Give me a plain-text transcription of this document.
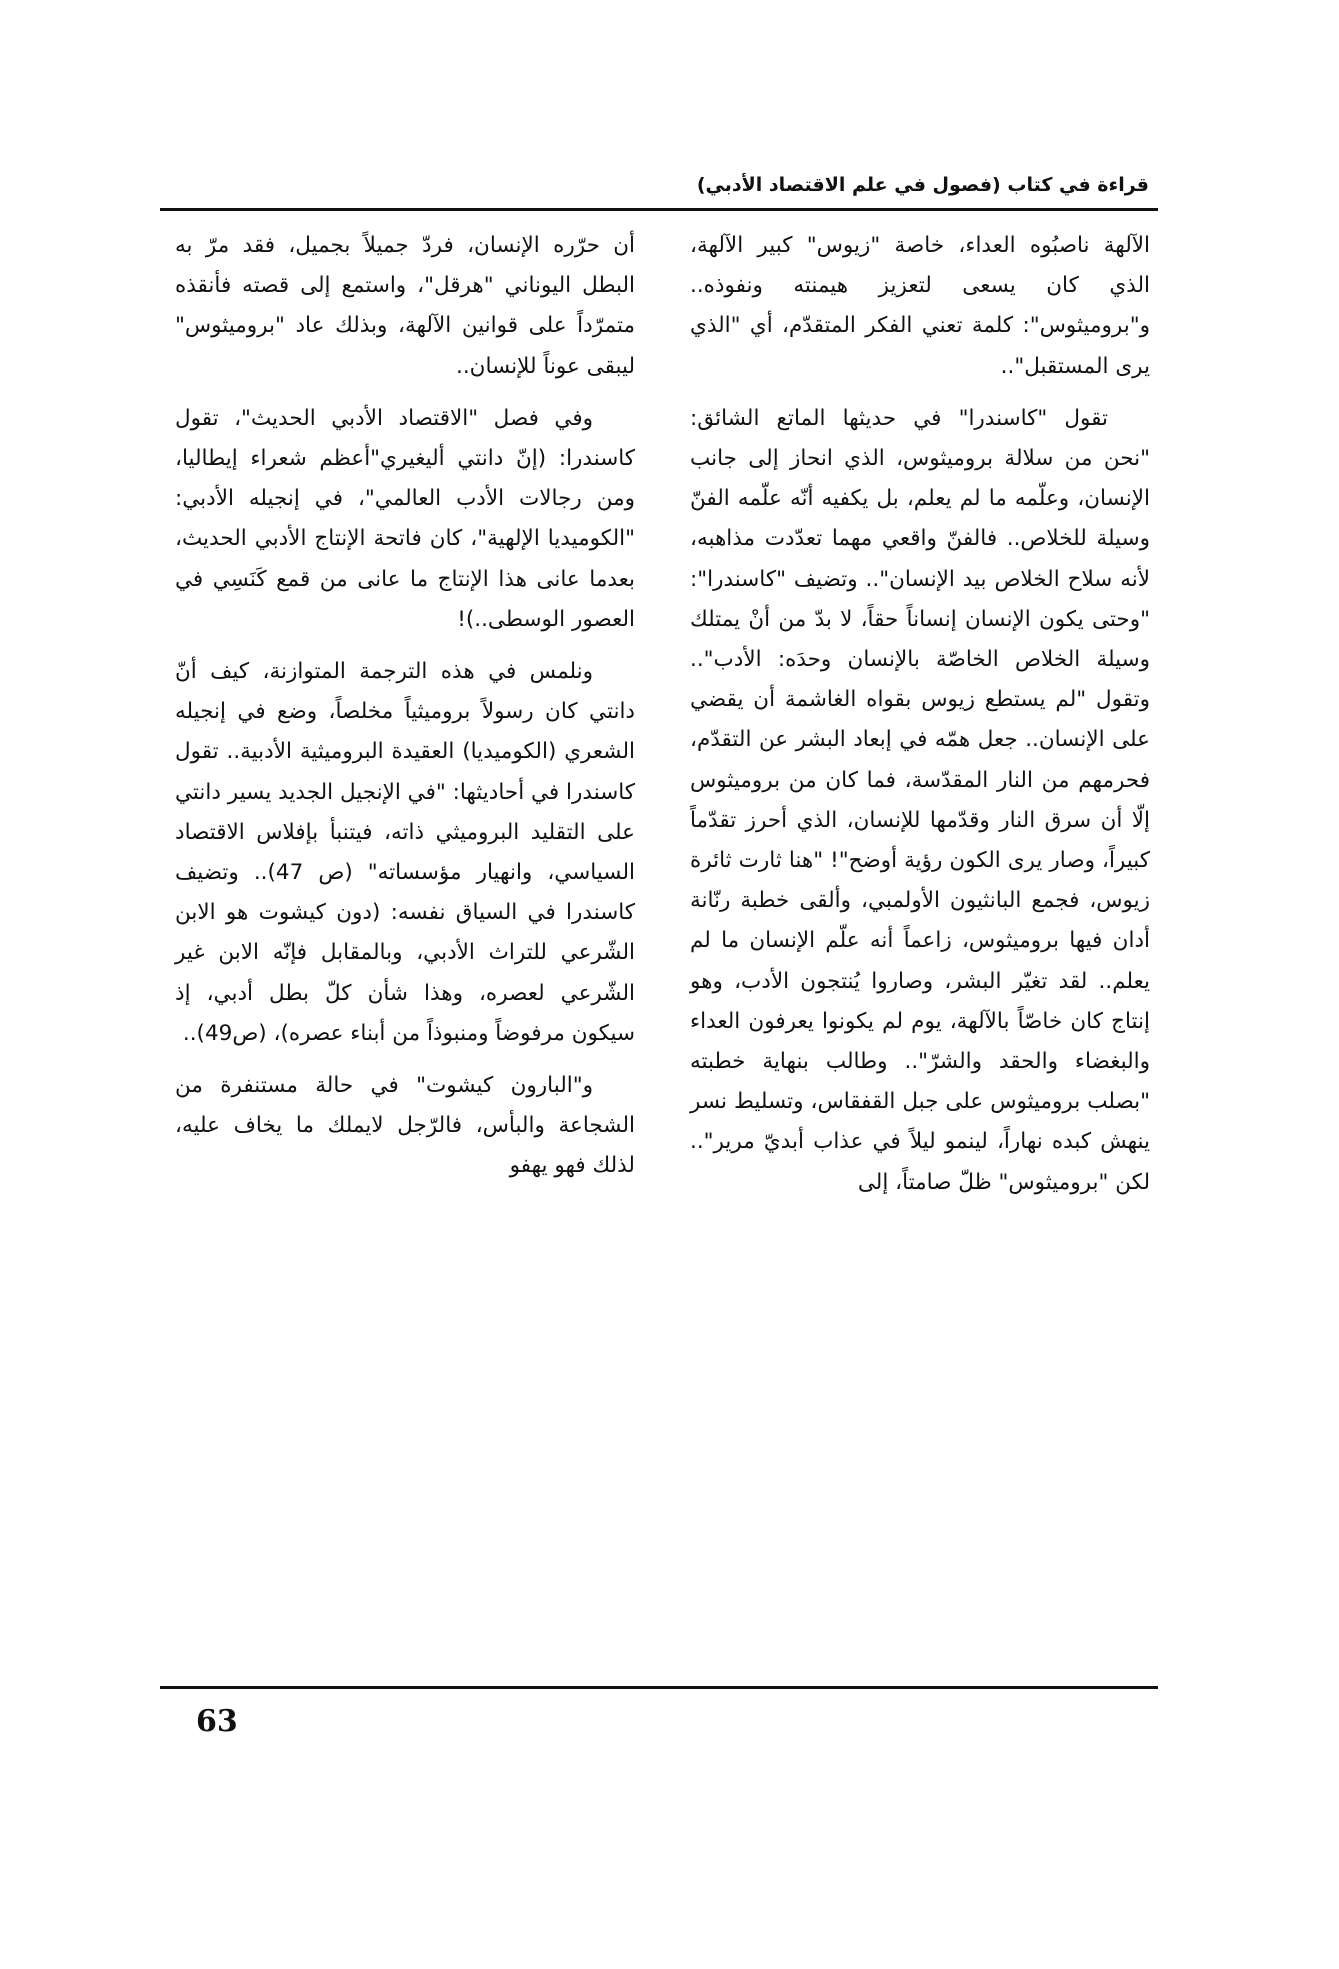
قراءة في كتاب (فصول في علم الاقتصاد الأدبي)

الآلهة ناصبُوه العداء، خاصة "زيوس" كبير الآلهة، الذي كان يسعى لتعزيز هيمنته ونفوذه.. و"بروميثوس": كلمة تعني الفكر المتقدّم، أي "الذي يرى المستقبل"..

تقول "كاسندرا" في حديثها الماتع الشائق: "نحن من سلالة بروميثوس، الذي انحاز إلى جانب الإنسان، وعلّمه ما لم يعلم، بل يكفيه أنّه علّمه الفنّ وسيلة للخلاص.. فالفنّ واقعي مهما تعدّدت مذاهبه، لأنه سلاح الخلاص بيد الإنسان".. وتضيف "كاسندرا": "وحتى يكون الإنسان إنساناً حقاً، لا بدّ من أنْ يمتلك وسيلة الخلاص الخاصّة بالإنسان وحدَه: الأدب".. وتقول "لم يستطع زيوس بقواه الغاشمة أن يقضي على الإنسان.. جعل همّه في إبعاد البشر عن التقدّم، فحرمهم من النار المقدّسة، فما كان من بروميثوس إلّا أن سرق النار وقدّمها للإنسان، الذي أحرز تقدّماً كبيراً، وصار يرى الكون رؤية أوضح"! "هنا ثارت ثائرة زيوس، فجمع البانثيون الأولمبي، وألقى خطبة رنّانة أدان فيها بروميثوس، زاعماً أنه علّم الإنسان ما لم يعلم.. لقد تغيّر البشر، وصاروا يُنتجون الأدب، وهو إنتاج كان خاصّاً بالآلهة، يوم لم يكونوا يعرفون العداء والبغضاء والحقد والشرّ".. وطالب بنهاية خطبته "بصلب بروميثوس على جبل القفقاس، وتسليط نسر ينهش كبده نهاراً، لينمو ليلاً في عذاب أبديّ مرير".. لكن "بروميثوس" ظلّ صامتاً، إلى

أن حرّره الإنسان، فردّ جميلاً بجميل، فقد مرّ به البطل اليوناني "هرقل"، واستمع إلى قصته فأنقذه متمرّداً على قوانين الآلهة، وبذلك عاد "بروميثوس" ليبقى عوناً للإنسان..

وفي فصل "الاقتصاد الأدبي الحديث"، تقول كاسندرا: (إنّ دانتي أليغيري"أعظم شعراء إيطاليا، ومن رجالات الأدب العالمي"، في إنجيله الأدبي: "الكوميديا الإلهية"، كان فاتحة الإنتاج الأدبي الحديث، بعدما عانى هذا الإنتاج ما عانى من قمع كَنَسِي في العصور الوسطى..)!

ونلمس في هذه الترجمة المتوازنة، كيف أنّ دانتي كان رسولاً بروميثياً مخلصاً، وضع في إنجيله الشعري (الكوميديا) العقيدة البروميثية الأدبية.. تقول كاسندرا في أحاديثها: "في الإنجيل الجديد يسير دانتي على التقليد البروميثي ذاته، فيتنبأ بإفلاس الاقتصاد السياسي، وانهيار مؤسساته" (ص 47).. وتضيف كاسندرا في السياق نفسه: (دون كيشوت هو الابن الشّرعي للتراث الأدبي، وبالمقابل فإنّه الابن غير الشّرعي لعصره، وهذا شأن كلّ بطل أدبي، إذ سيكون مرفوضاً ومنبوذاً من أبناء عصره)، (ص49)..

و"البارون كيشوت" في حالة مستنفرة من الشجاعة والبأس، فالرّجل لايملك ما يخاف عليه، لذلك فهو يهفو

63
